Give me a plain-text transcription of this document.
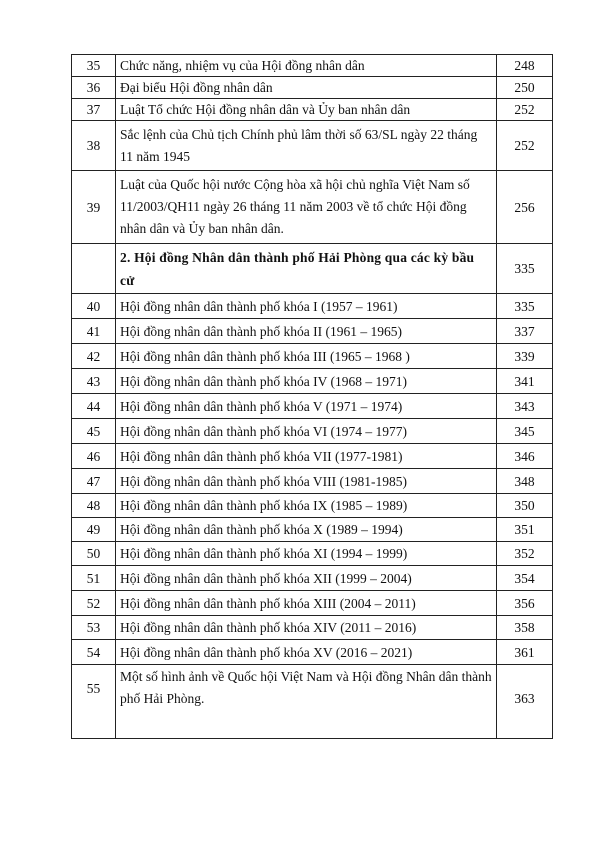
35	Chức năng, nhiệm vụ của Hội đồng nhân dân	248
36	Đại biểu Hội đồng nhân dân	250
37	Luật Tổ chức Hội đồng nhân dân và Ủy ban nhân dân	252
38	Sắc lệnh của Chủ tịch Chính phủ lâm thời số 63/SL ngày 22 tháng 11 năm 1945	252
39	Luật của Quốc hội nước Cộng hòa xã hội chủ nghĩa Việt Nam số 11/2003/QH11 ngày 26 tháng 11 năm 2003 về tổ chức Hội đồng nhân dân và Ủy ban nhân dân.	256
	2. Hội đồng Nhân dân thành phố Hải Phòng qua các kỳ bầu cử	335
40	Hội đồng nhân dân thành phố khóa I (1957 – 1961)	335
41	Hội đồng nhân dân thành phố khóa II (1961 – 1965)	337
42	Hội đồng nhân dân thành phố khóa III (1965 – 1968 )	339
43	Hội đồng nhân dân thành phố khóa IV (1968 – 1971)	341
44	Hội đồng nhân dân thành phố khóa V (1971 – 1974)	343
45	Hội đồng nhân dân thành phố khóa VI (1974 – 1977)	345
46	Hội đồng nhân dân thành phố khóa VII (1977-1981)	346
47	Hội đồng nhân dân thành phố khóa VIII (1981-1985)	348
48	Hội đồng nhân dân thành phố khóa IX (1985 – 1989)	350
49	Hội đồng nhân dân thành phố khóa X (1989 – 1994)	351
50	Hội đồng nhân dân thành phố khóa XI (1994 – 1999)	352
51	Hội đồng nhân dân thành phố khóa XII (1999 – 2004)	354
52	Hội đồng nhân dân thành phố khóa XIII (2004 – 2011)	356
53	Hội đồng nhân dân thành phố khóa XIV (2011 – 2016)	358
54	Hội đồng nhân dân thành phố khóa XV (2016 – 2021)	361
55	Một số hình ảnh về Quốc hội Việt Nam và Hội đồng Nhân dân thành phố Hải Phòng.	363
